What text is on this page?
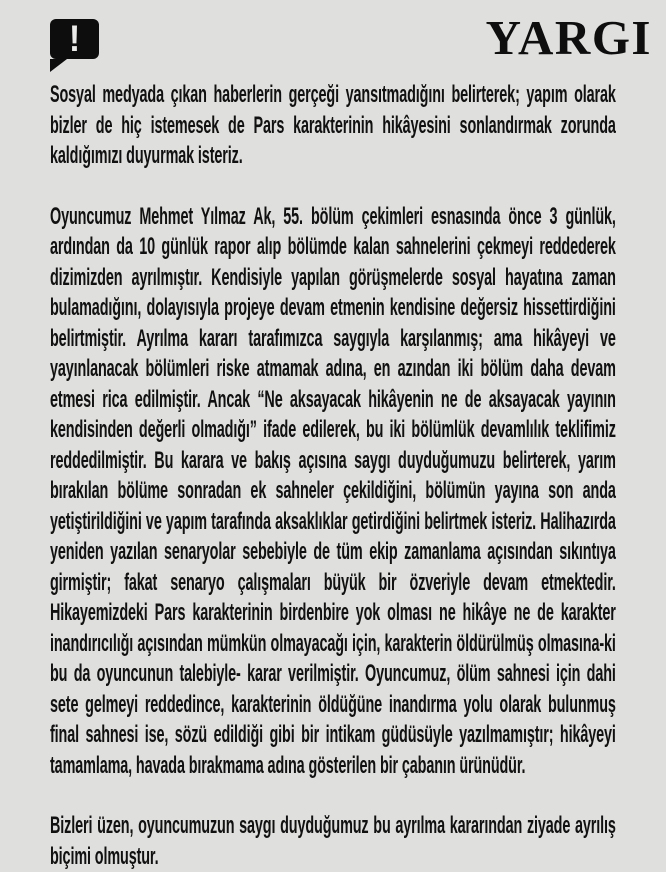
!	YARGI

Sosyal medyada çıkan haberlerin gerçeği yansıtmadığını belirterek; yapım olarak bizler de hiç istemesek de Pars karakterinin hikâyesini sonlandırmak zorunda kaldığımızı duyurmak isteriz.

Oyuncumuz Mehmet Yılmaz Ak, 55. bölüm çekimleri esnasında önce 3 günlük, ardından da 10 günlük rapor alıp bölümde kalan sahnelerini çekmeyi reddederek dizimizden ayrılmıştır. Kendisiyle yapılan görüşmelerde sosyal hayatına zaman bulamadığını, dolayısıyla projeye devam etmenin kendisine değersiz hissettirdiğini belirtmiştir. Ayrılma kararı tarafımızca saygıyla karşılanmış; ama hikâyeyi ve yayınlanacak bölümleri riske atmamak adına, en azından iki bölüm daha devam etmesi rica edilmiştir. Ancak “Ne aksayacak hikâyenin ne de aksayacak yayının kendisinden değerli olmadığı” ifade edilerek, bu iki bölümlük devamlılık teklifimiz reddedilmiştir. Bu karara ve bakış açısına saygı duyduğumuzu belirterek, yarım bırakılan bölüme sonradan ek sahneler çekildiğini, bölümün yayına son anda yetiştirildiğini ve yapım tarafında aksaklıklar getirdiğini belirtmek isteriz. Halihazırda yeniden yazılan senaryolar sebebiyle de tüm ekip zamanlama açısından sıkıntıya girmiştir; fakat senaryo çalışmaları büyük bir özveriyle devam etmektedir. Hikayemizdeki Pars karakterinin birdenbire yok olması ne hikâye ne de karakter inandırıcılığı açısından mümkün olmayacağı için, karakterin öldürülmüş olmasına-ki bu da oyuncunun talebiyle- karar verilmiştir. Oyuncumuz, ölüm sahnesi için dahi sete gelmeyi reddedince, karakterinin öldüğüne inandırma yolu olarak bulunmuş final sahnesi ise, sözü edildiği gibi bir intikam güdüsüyle yazılmamıştır; hikâyeyi tamamlama, havada bırakmama adına gösterilen bir çabanın ürünüdür.

Bizleri üzen, oyuncumuzun saygı duyduğumuz bu ayrılma kararından ziyade ayrılış biçimi olmuştur.
